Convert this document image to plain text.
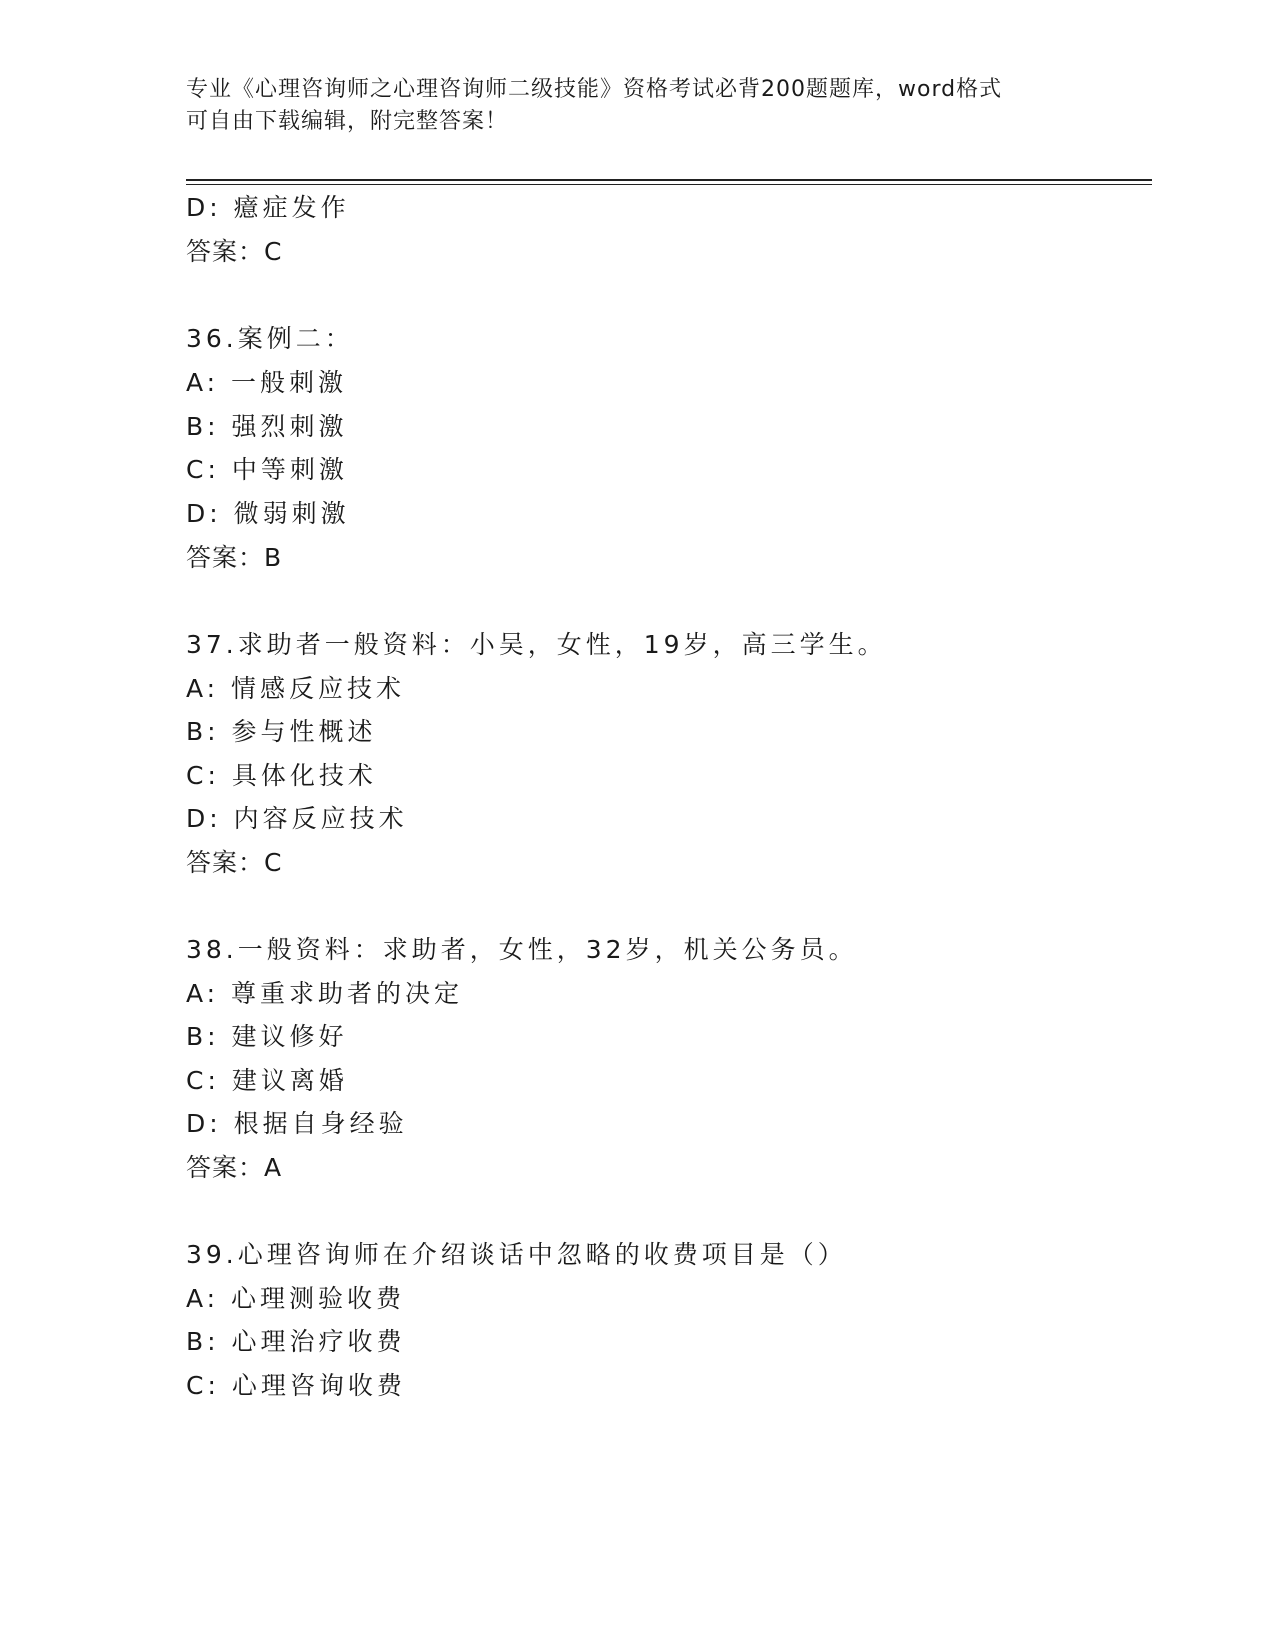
专业《心理咨询师之心理咨询师二级技能》资格考试必背200题题库，word格式
可自由下载编辑，附完整答案！
D: 癔症发作
答案：C
36.案例二：
A: 一般刺激
B: 强烈刺激
C: 中等刺激
D: 微弱刺激
答案：B
37.求助者一般资料：小吴，女性，19岁，高三学生。
A: 情感反应技术
B: 参与性概述
C: 具体化技术
D: 内容反应技术
答案：C
38.一般资料：求助者，女性，32岁，机关公务员。
A: 尊重求助者的决定
B: 建议修好
C: 建议离婚
D: 根据自身经验
答案：A
39.心理咨询师在介绍谈话中忽略的收费项目是（）
A: 心理测验收费
B: 心理治疗收费
C: 心理咨询收费
